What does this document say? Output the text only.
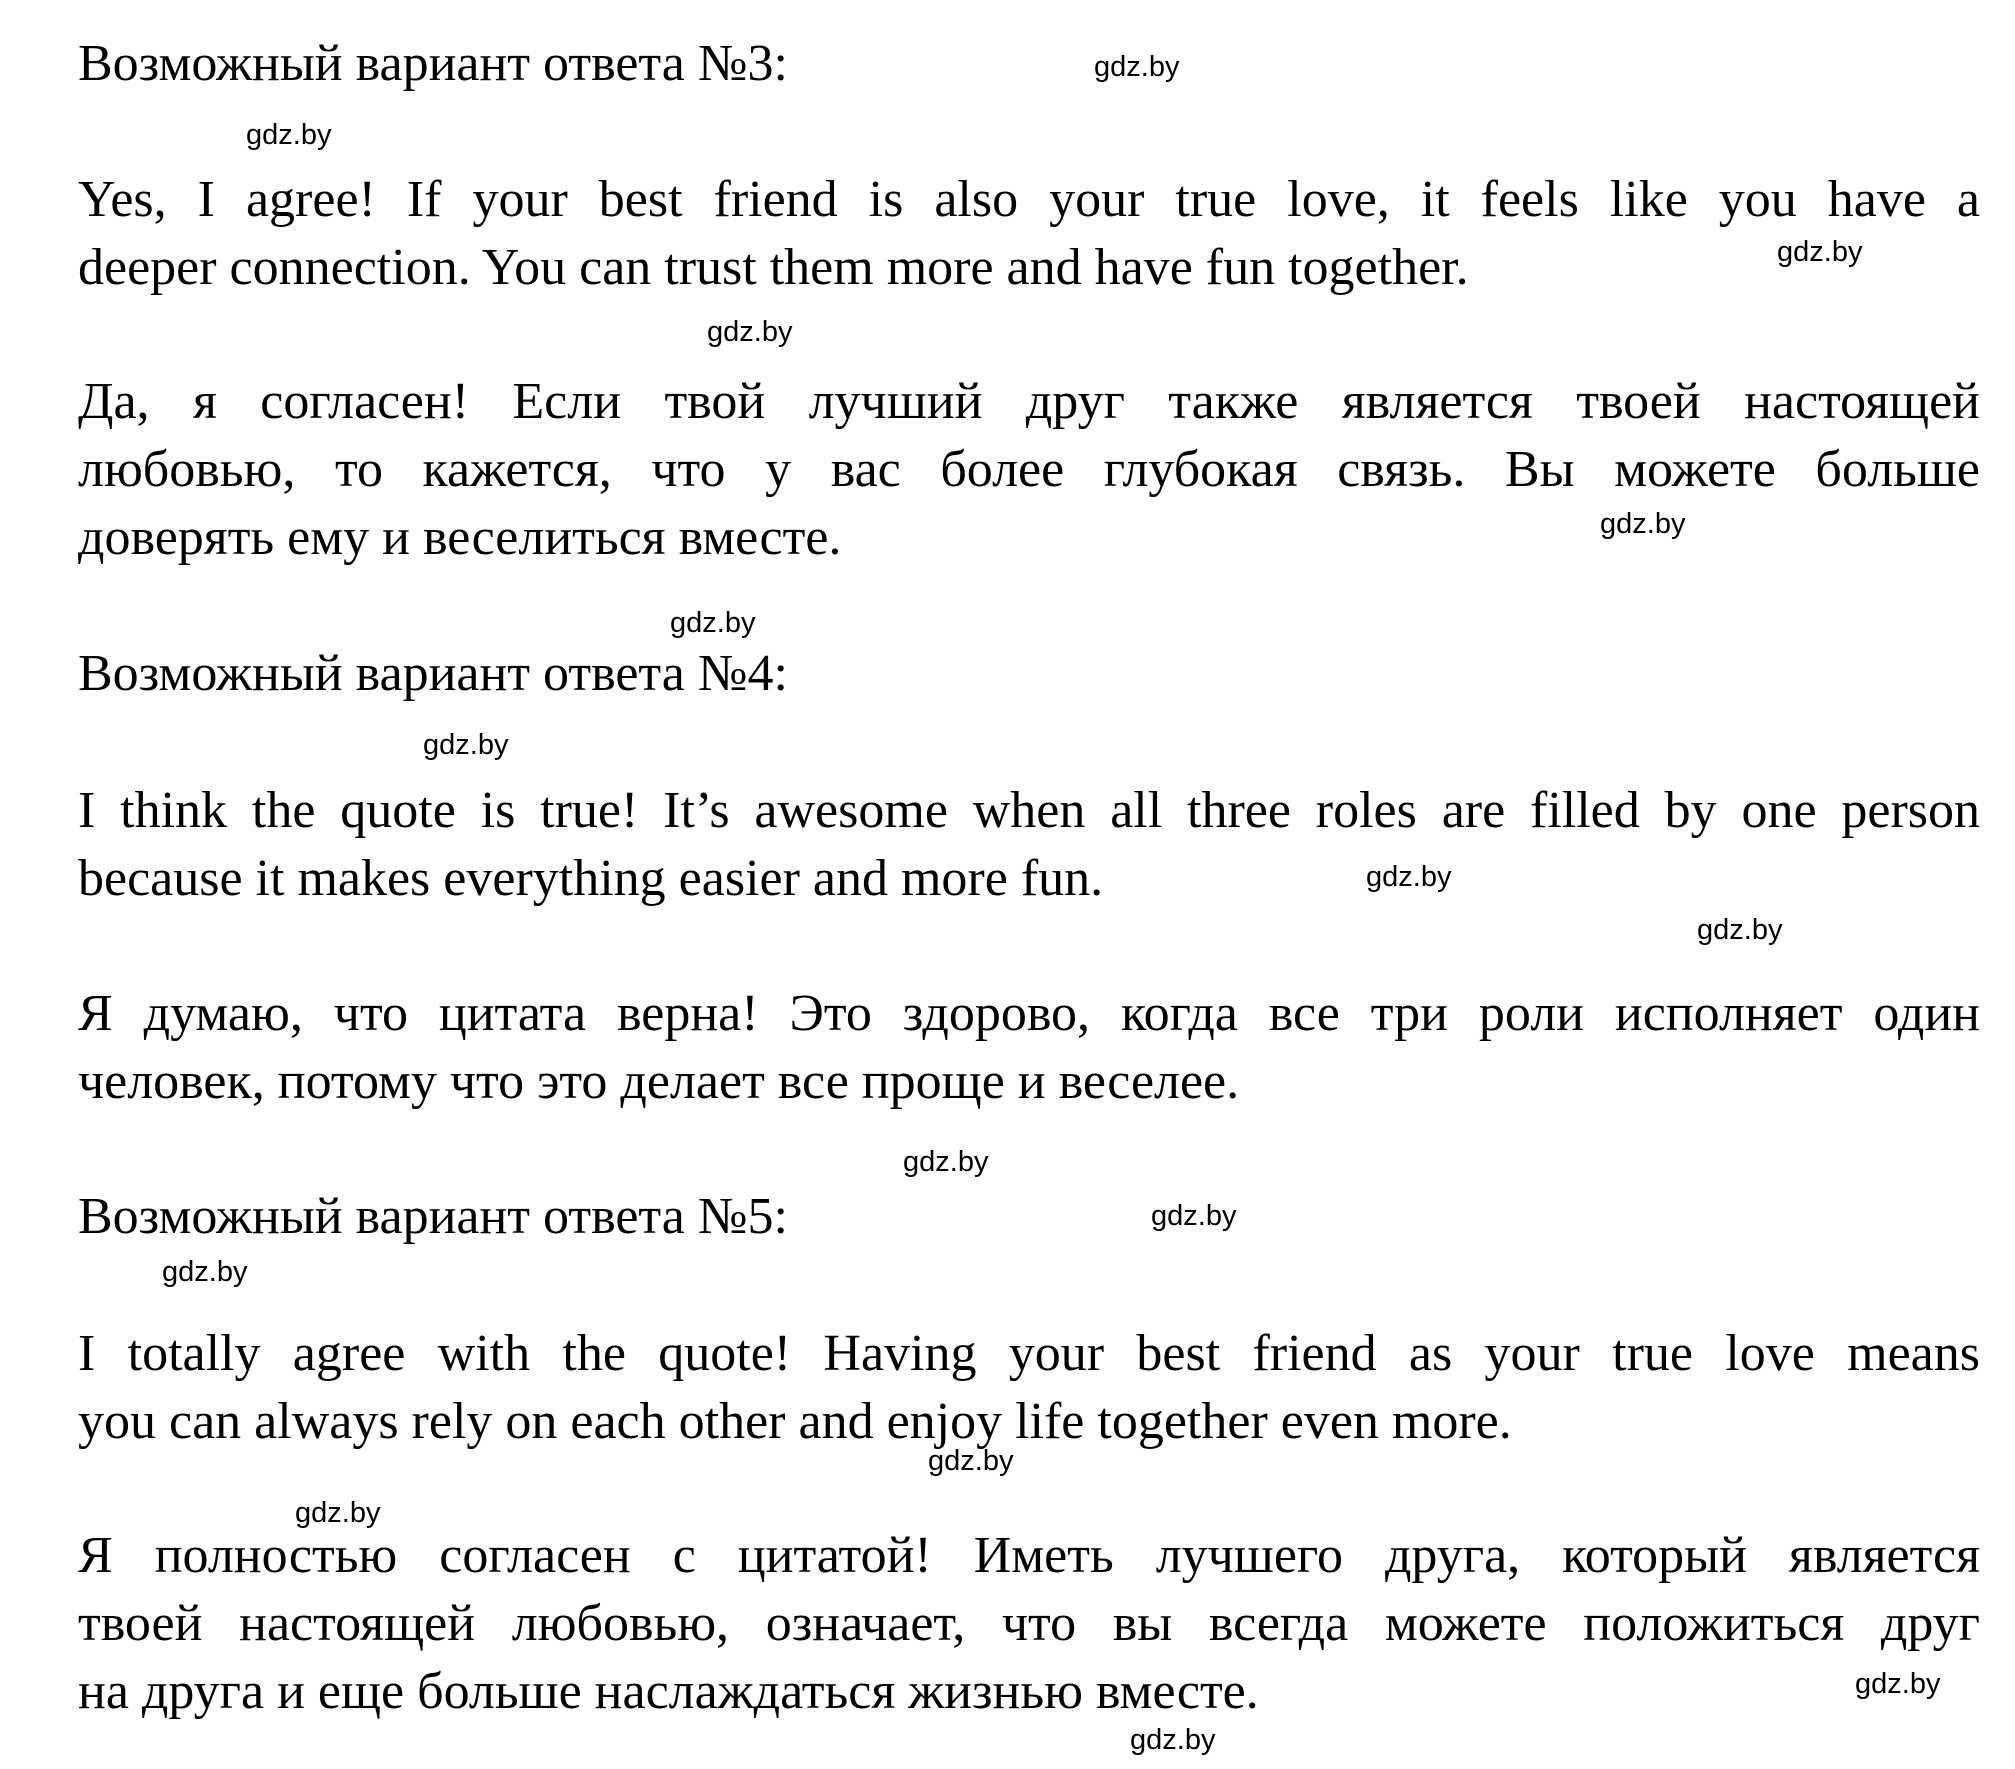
Возможный вариант ответа №3:

Yes, I agree! If your best friend is also your true love, it feels like you have a
deeper connection. You can trust them more and have fun together.

Да, я согласен! Если твой лучший друг также является твоей настоящей
любовью, то кажется, что у вас более глубокая связь. Вы можете больше
доверять ему и веселиться вместе.

Возможный вариант ответа №4:

I think the quote is true! It’s awesome when all three roles are filled by one person
because it makes everything easier and more fun.

Я думаю, что цитата верна! Это здорово, когда все три роли исполняет один
человек, потому что это делает все проще и веселее.

Возможный вариант ответа №5:

I totally agree with the quote! Having your best friend as your true love means
you can always rely on each other and enjoy life together even more.

Я полностью согласен с цитатой! Иметь лучшего друга, который является
твоей настоящей любовью, означает, что вы всегда можете положиться друг
на друга и еще больше наслаждаться жизнью вместе.

gdz.by
gdz.by
gdz.by
gdz.by
gdz.by
gdz.by
gdz.by
gdz.by
gdz.by
gdz.by
gdz.by
gdz.by
gdz.by
gdz.by
gdz.by
gdz.by
